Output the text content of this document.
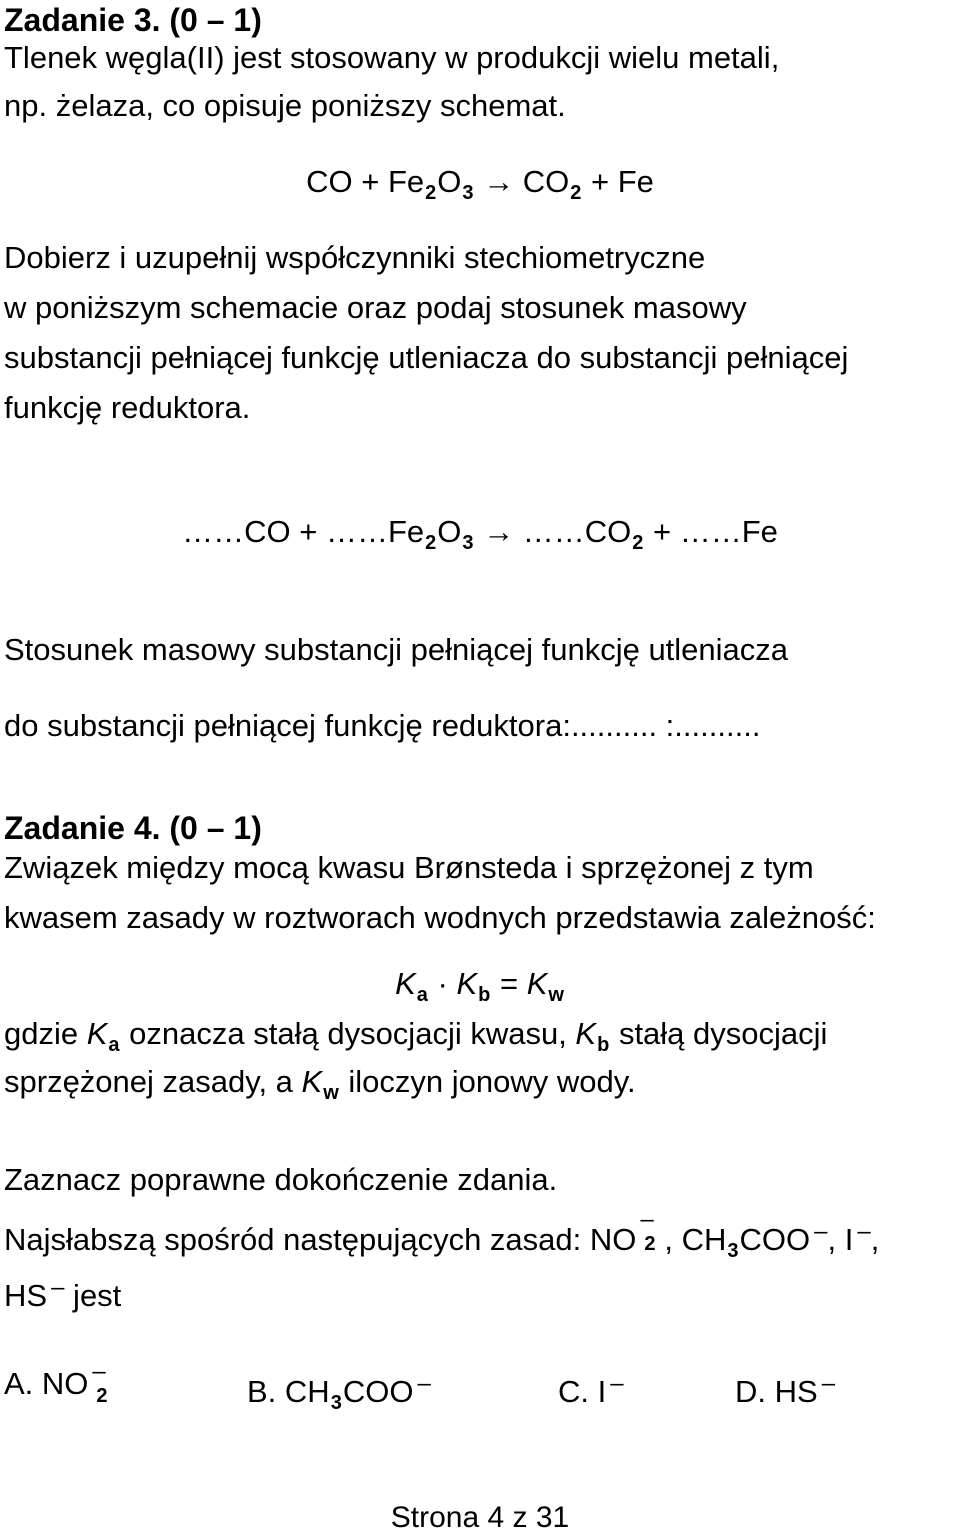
Zadanie 3. (0 – 1)
Tlenek węgla(II) jest stosowany w produkcji wielu metali,
np. żelaza, co opisuje poniższy schemat.
CO + $Fe_2O_3 \to CO_2 + Fe$
Dobierz i uzupełnij współczynniki stechiometryczne
w poniższym schemacie oraz podaj stosunek masowy
substancji pełniącej funkcję utleniacza do substancji pełniącej
funkcję reduktora.
……CO + $\dots\dots Fe_2O_3$ → $\dots\dots CO_2$ + ……Fe
Stosunek masowy substancji pełniącej funkcję utleniacza
do substancji pełniącej funkcję reduktora:.......... :..........
Zadanie 4. (0 – 1)
Związek między mocą kwasu Brønsteda i sprzężonej z tym
kwasem zasady w roztworach wodnych przedstawia zależność:
$K_a \cdot K_b = K_w$
gdzie $K_a$ oznacza stałą dysocjacji kwasu, $K_b$ stałą dysocjacji
sprzężonej zasady, a $K_w$ iloczyn jonowy wody.
Zaznacz poprawne dokończenie zdania.
Najsłabszą spośród następujących zasad: NO
–
2 , $CH_3COO$ –, I –,
HS – jest
A. NO –
2	B. $CH_3COO$ –	C. I –	D. HS –
Strona 4 z 31
